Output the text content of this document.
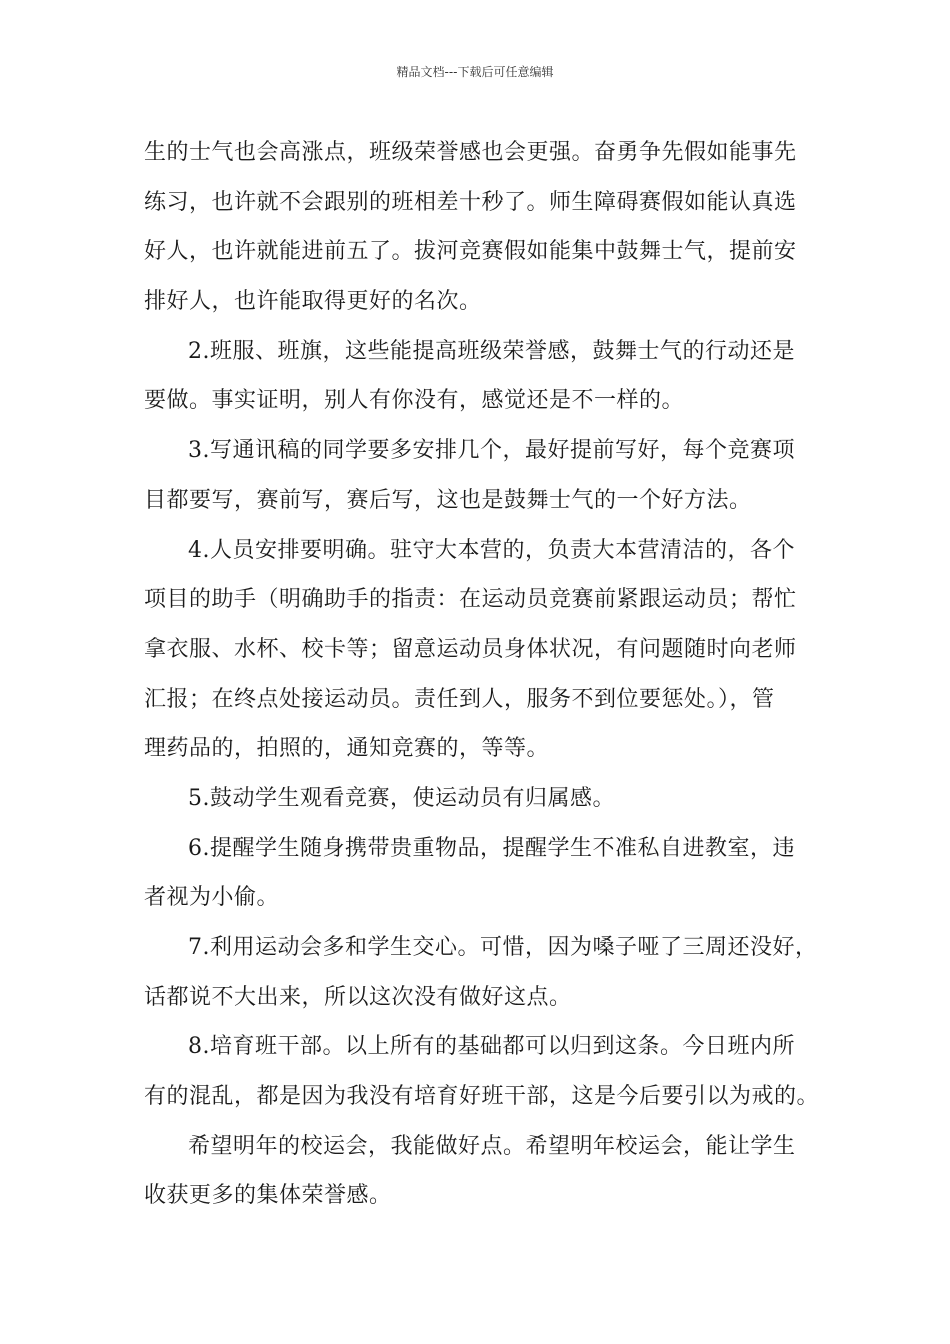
精品文档---下载后可任意编辑
生的士气也会高涨点，班级荣誉感也会更强。奋勇争先假如能事先
练习，也许就不会跟别的班相差十秒了。师生障碍赛假如能认真选
好人，也许就能进前五了。拔河竞赛假如能集中鼓舞士气，提前安
排好人，也许能取得更好的名次。
2.班服、班旗，这些能提高班级荣誉感，鼓舞士气的行动还是
要做。事实证明，别人有你没有，感觉还是不一样的。
3.写通讯稿的同学要多安排几个，最好提前写好，每个竞赛项
目都要写，赛前写，赛后写，这也是鼓舞士气的一个好方法。
4.人员安排要明确。驻守大本营的，负责大本营清洁的，各个
项目的助手（明确助手的指责：在运动员竞赛前紧跟运动员；帮忙
拿衣服、水杯、校卡等；留意运动员身体状况，有问题随时向老师
汇报；在终点处接运动员。责任到人，服务不到位要惩处。），管
理药品的，拍照的，通知竞赛的，等等。
5.鼓动学生观看竞赛，使运动员有归属感。
6.提醒学生随身携带贵重物品，提醒学生不准私自进教室，违
者视为小偷。
7.利用运动会多和学生交心。可惜，因为嗓子哑了三周还没好，
话都说不大出来，所以这次没有做好这点。
8.培育班干部。以上所有的基础都可以归到这条。今日班内所
有的混乱，都是因为我没有培育好班干部，这是今后要引以为戒的。
希望明年的校运会，我能做好点。希望明年校运会，能让学生
收获更多的集体荣誉感。
